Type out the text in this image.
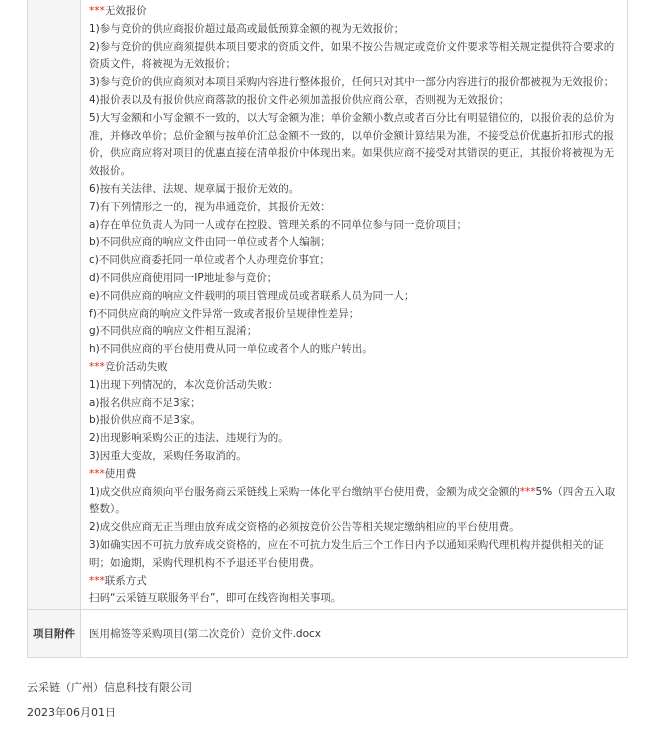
***无效报价

1)参与竞价的供应商报价超过最高或最低预算金额的视为无效报价；

2)参与竞价的供应商须提供本项目要求的资质文件，如果不按公告规定或竞价文件要求等相关规定提供符合要求的资质文件，将被视为无效报价；

3)参与竞价的供应商须对本项目采购内容进行整体报价，任何只对其中一部分内容进行的报价都被视为无效报价；

4)报价表以及有报价供应商落款的报价文件必须加盖报价供应商公章，否则视为无效报价；

5)大写金额和小写金额不一致的，以大写金额为准；单价金额小数点或者百分比有明显错位的，以报价表的总价为准，并修改单价；总价金额与按单价汇总金额不一致的，以单价金额计算结果为准，不接受总价优惠折扣形式的报价，供应商应将对项目的优惠直接在清单报价中体现出来。如果供应商不接受对其错误的更正，其报价将被视为无效报价。

6)按有关法律、法规、规章属于报价无效的。

7)有下列情形之一的，视为串通竞价，其报价无效：

a)存在单位负责人为同一人或存在控股、管理关系的不同单位参与同一竞价项目；

b)不同供应商的响应文件由同一单位或者个人编制；

c)不同供应商委托同一单位或者个人办理竞价事宜；

d)不同供应商使用同一IP地址参与竞价；

e)不同供应商的响应文件载明的项目管理成员或者联系人员为同一人；

f)不同供应商的响应文件异常一致或者报价呈规律性差异；

g)不同供应商的响应文件相互混淆；

h)不同供应商的平台使用费从同一单位或者个人的账户转出。

***竞价活动失败

1)出现下列情况的，本次竞价活动失败：

a)报名供应商不足3家；

b)报价供应商不足3家。

2)出现影响采购公正的违法、违规行为的。

3)因重大变故，采购任务取消的。

***使用费

1)成交供应商须向平台服务商云采链线上采购一体化平台缴纳平台使用费，金额为成交金额的***5%（四舍五入取整数）。

2)成交供应商无正当理由放弃成交资格的必须按竞价公告等相关规定缴纳相应的平台使用费。

3)如确实因不可抗力放弃成交资格的，应在不可抗力发生后三个工作日内予以通知采购代理机构并提供相关的证明；如逾期，采购代理机构不予退还平台使用费。

***联系方式

扫码“云采链互联服务平台”，即可在线咨询相关事项。

项目附件	医用棉签等采购项目(第二次竞价）竞价文件.docx
云采链（广州）信息科技有限公司
2023年06月01日
